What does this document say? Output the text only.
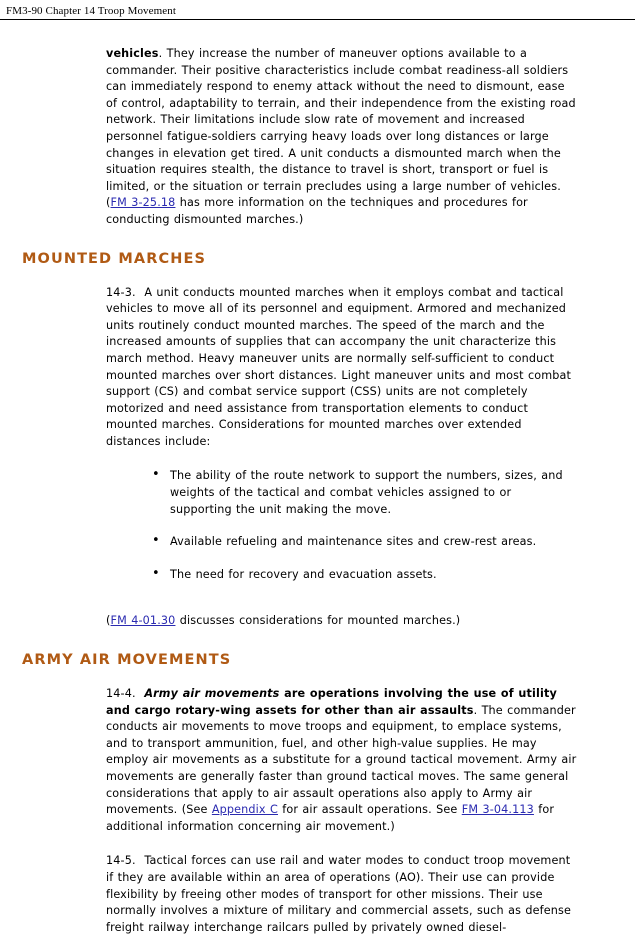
FM3-90 Chapter 14 Troop Movement

vehicles. They increase the number of maneuver options available to a commander. Their positive characteristics include combat readiness-all soldiers can immediately respond to enemy attack without the need to dismount, ease of control, adaptability to terrain, and their independence from the existing road network. Their limitations include slow rate of movement and increased personnel fatigue-soldiers carrying heavy loads over long distances or large changes in elevation get tired. A unit conducts a dismounted march when the situation requires stealth, the distance to travel is short, transport or fuel is limited, or the situation or terrain precludes using a large number of vehicles. (FM 3-25.18 has more information on the techniques and procedures for conducting dismounted marches.)

MOUNTED MARCHES

14-3. A unit conducts mounted marches when it employs combat and tactical vehicles to move all of its personnel and equipment. Armored and mechanized units routinely conduct mounted marches. The speed of the march and the increased amounts of supplies that can accompany the unit characterize this march method. Heavy maneuver units are normally self-sufficient to conduct mounted marches over short distances. Light maneuver units and most combat support (CS) and combat service support (CSS) units are not completely motorized and need assistance from transportation elements to conduct mounted marches. Considerations for mounted marches over extended distances include:

• The ability of the route network to support the numbers, sizes, and weights of the tactical and combat vehicles assigned to or supporting the unit making the move.
• Available refueling and maintenance sites and crew-rest areas.
• The need for recovery and evacuation assets.

(FM 4-01.30 discusses considerations for mounted marches.)

ARMY AIR MOVEMENTS

14-4. Army air movements are operations involving the use of utility and cargo rotary-wing assets for other than air assaults. The commander conducts air movements to move troops and equipment, to emplace systems, and to transport ammunition, fuel, and other high-value supplies. He may employ air movements as a substitute for a ground tactical movement. Army air movements are generally faster than ground tactical moves. The same general considerations that apply to air assault operations also apply to Army air movements. (See Appendix C for air assault operations. See FM 3-04.113 for additional information concerning air movement.)

14-5. Tactical forces can use rail and water modes to conduct troop movement if they are available within an area of operations (AO). Their use can provide flexibility by freeing other modes of transport for other missions. Their use normally involves a mixture of military and commercial assets, such as defense freight railway interchange railcars pulled by privately owned diesel-
